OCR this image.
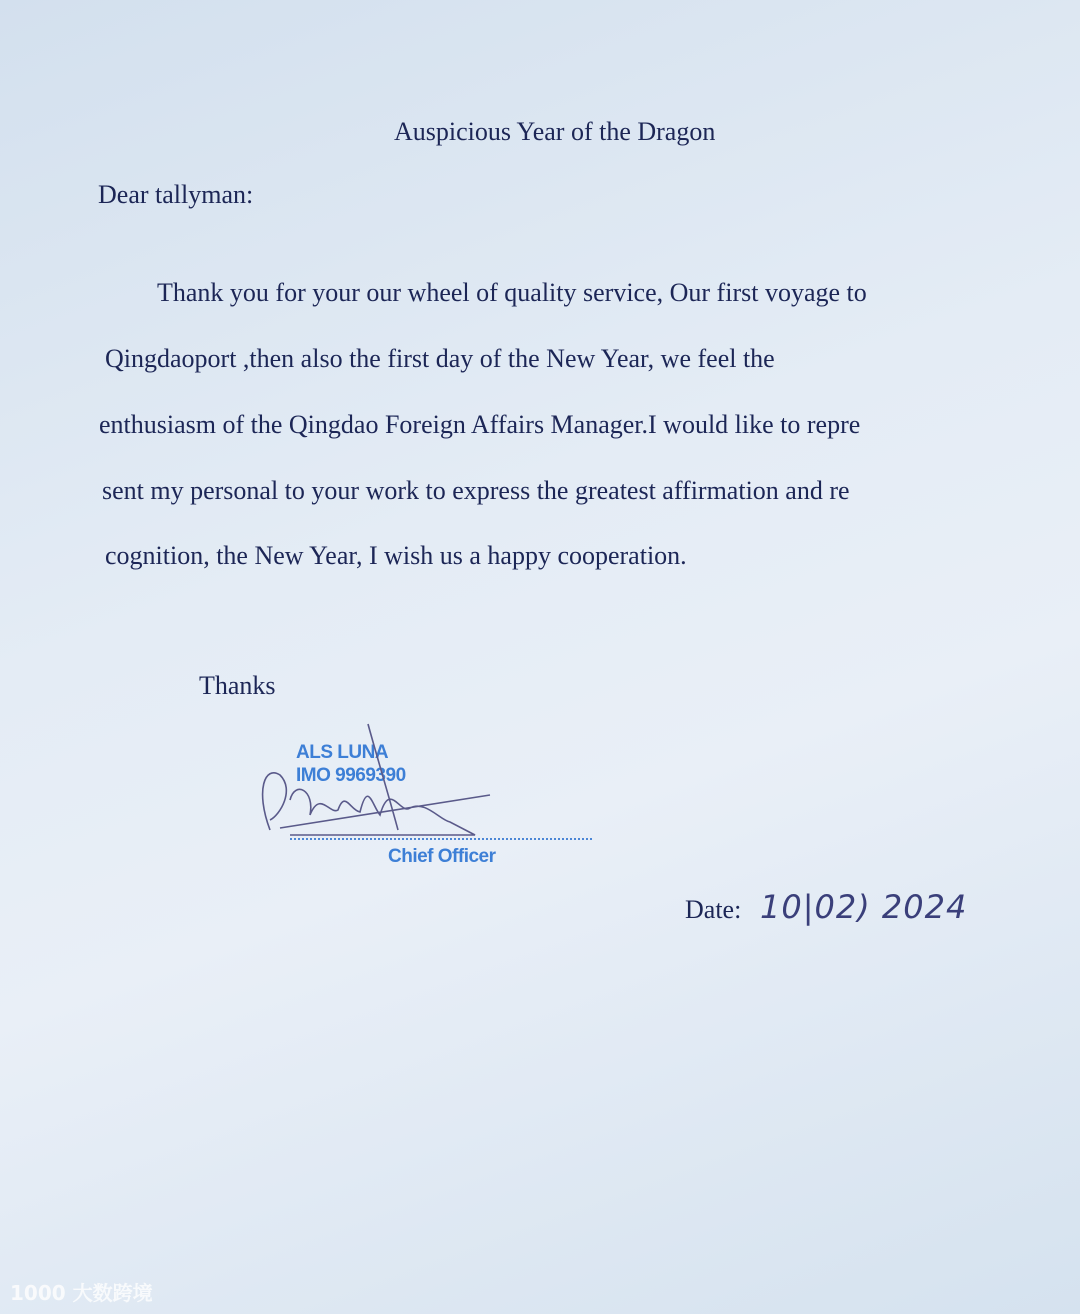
Auspicious Year of the Dragon
Dear tallyman:
Thank you for your our wheel of quality service, Our first voyage to
Qingdaoport ,then also the first day of the New Year, we feel the
enthusiasm of the Qingdao Foreign Affairs Manager.I would like to repre
sent my personal to your work to express the greatest affirmation and re
cognition, the New Year, I wish us a happy cooperation.
Thanks
ALS LUNA
IMO 9969390
Chief Officer
Date: 10|02) 2024
1000 大数跨境
